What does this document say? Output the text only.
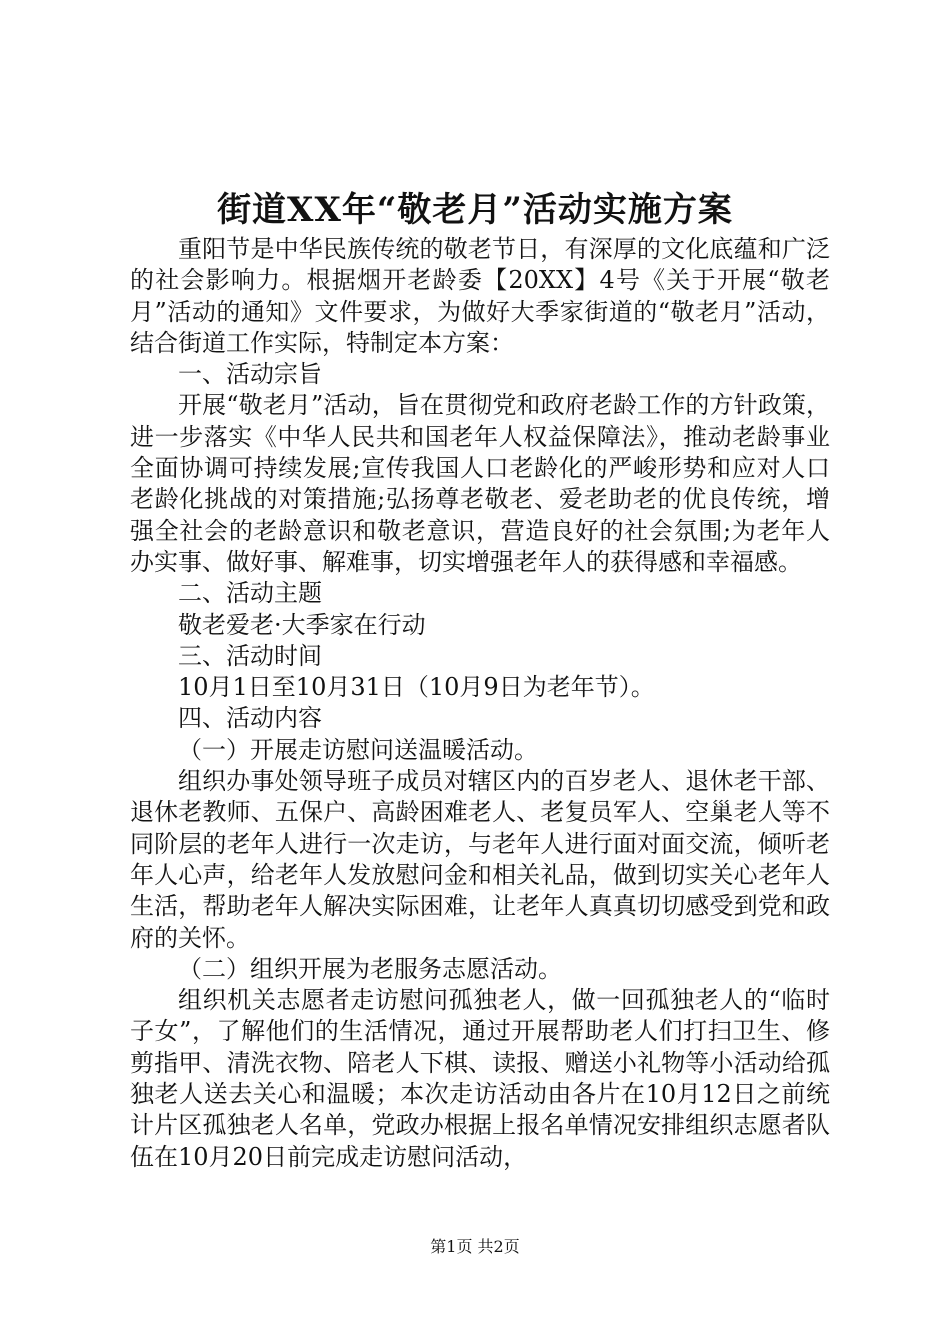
街道XX年“敬老月”活动实施方案

重阳节是中华民族传统的敬老节日，有深厚的文化底蕴和广泛的社会影响力。根据烟开老龄委【20XX】4号《关于开展“敬老月”活动的通知》文件要求，为做好大季家街道的“敬老月”活动，结合街道工作实际，特制定本方案：

一、活动宗旨

开展“敬老月”活动，旨在贯彻党和政府老龄工作的方针政策，进一步落实《中华人民共和国老年人权益保障法》，推动老龄事业全面协调可持续发展;宣传我国人口老龄化的严峻形势和应对人口老龄化挑战的对策措施;弘扬尊老敬老、爱老助老的优良传统，增强全社会的老龄意识和敬老意识，营造良好的社会氛围;为老年人办实事、做好事、解难事，切实增强老年人的获得感和幸福感。

二、活动主题

敬老爱老·大季家在行动

三、活动时间

10月1日至10月31日（10月9日为老年节）。

四、活动内容

（一）开展走访慰问送温暖活动。

组织办事处领导班子成员对辖区内的百岁老人、退休老干部、退休老教师、五保户、高龄困难老人、老复员军人、空巢老人等不同阶层的老年人进行一次走访，与老年人进行面对面交流，倾听老年人心声，给老年人发放慰问金和相关礼品，做到切实关心老年人生活，帮助老年人解决实际困难，让老年人真真切切感受到党和政府的关怀。

（二）组织开展为老服务志愿活动。

组织机关志愿者走访慰问孤独老人，做一回孤独老人的“临时子女”，了解他们的生活情况，通过开展帮助老人们打扫卫生、修剪指甲、清洗衣物、陪老人下棋、读报、赠送小礼物等小活动给孤独老人送去关心和温暖；本次走访活动由各片在10月12日之前统计片区孤独老人名单，党政办根据上报名单情况安排组织志愿者队伍在10月20日前完成走访慰问活动，

第1页 共2页
